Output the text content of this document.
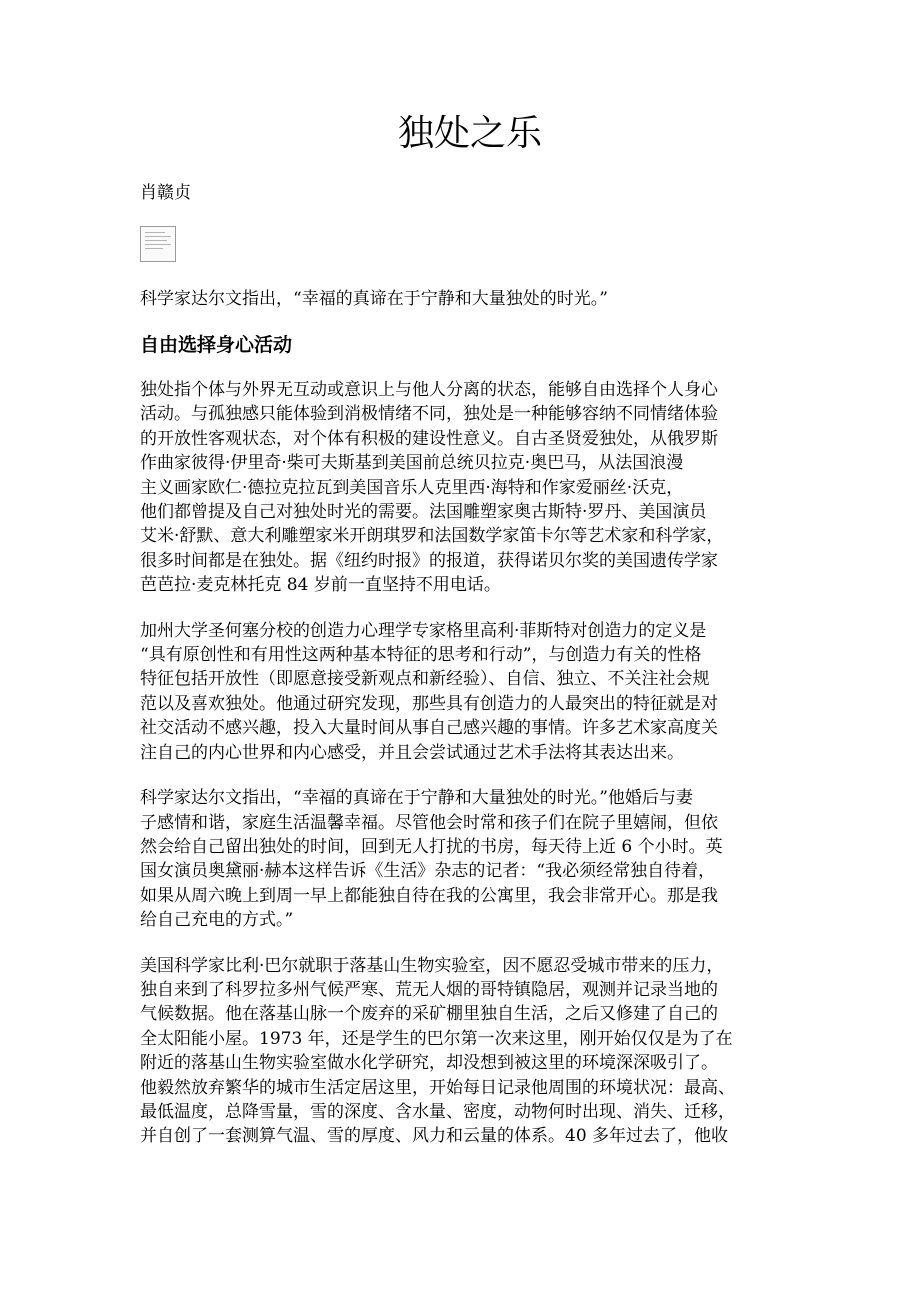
独处之乐
肖赣贞
科学家达尔文指出，“幸福的真谛在于宁静和大量独处的时光。”
自由选择身心活动
独处指个体与外界无互动或意识上与他人分离的状态，能够自由选择个人身心
活动。与孤独感只能体验到消极情绪不同，独处是一种能够容纳不同情绪体验
的开放性客观状态，对个体有积极的建设性意义。自古圣贤爱独处，从俄罗斯
作曲家彼得·伊里奇·柴可夫斯基到美国前总统贝拉克·奥巴马，从法国浪漫
主义画家欧仁·德拉克拉瓦到美国音乐人克里西·海特和作家爱丽丝·沃克，
他们都曾提及自己对独处时光的需要。法国雕塑家奥古斯特·罗丹、美国演员
艾米·舒默、意大利雕塑家米开朗琪罗和法国数学家笛卡尔等艺术家和科学家，
很多时间都是在独处。据《纽约时报》的报道，获得诺贝尔奖的美国遗传学家
芭芭拉·麦克林托克 84 岁前一直坚持不用电话。
加州大学圣何塞分校的创造力心理学专家格里高利·菲斯特对创造力的定义是
“具有原创性和有用性这两种基本特征的思考和行动”，与创造力有关的性格
特征包括开放性（即愿意接受新观点和新经验）、自信、独立、不关注社会规
范以及喜欢独处。他通过研究发现，那些具有创造力的人最突出的特征就是对
社交活动不感兴趣，投入大量时间从事自己感兴趣的事情。许多艺术家高度关
注自己的内心世界和内心感受，并且会尝试通过艺术手法将其表达出来。
科学家达尔文指出，“幸福的真谛在于宁静和大量独处的时光。”他婚后与妻
子感情和谐，家庭生活温馨幸福。尽管他会时常和孩子们在院子里嬉闹，但依
然会给自己留出独处的时间，回到无人打扰的书房，每天待上近 6 个小时。英
国女演员奥黛丽·赫本这样告诉《生活》杂志的记者：“我必须经常独自待着，
如果从周六晚上到周一早上都能独自待在我的公寓里，我会非常开心。那是我
给自己充电的方式。”
美国科学家比利·巴尔就职于落基山生物实验室，因不愿忍受城市带来的压力，
独自来到了科罗拉多州气候严寒、荒无人烟的哥特镇隐居，观测并记录当地的
气候数据。他在落基山脉一个废弃的采矿棚里独自生活，之后又修建了自己的
全太阳能小屋。1973 年，还是学生的巴尔第一次来这里，刚开始仅仅是为了在
附近的落基山生物实验室做水化学研究，却没想到被这里的环境深深吸引了。
他毅然放弃繁华的城市生活定居这里，开始每日记录他周围的环境状况：最高、
最低温度，总降雪量，雪的深度、含水量、密度，动物何时出现、消失、迁移，
并自创了一套测算气温、雪的厚度、风力和云量的体系。40 多年过去了，他收
